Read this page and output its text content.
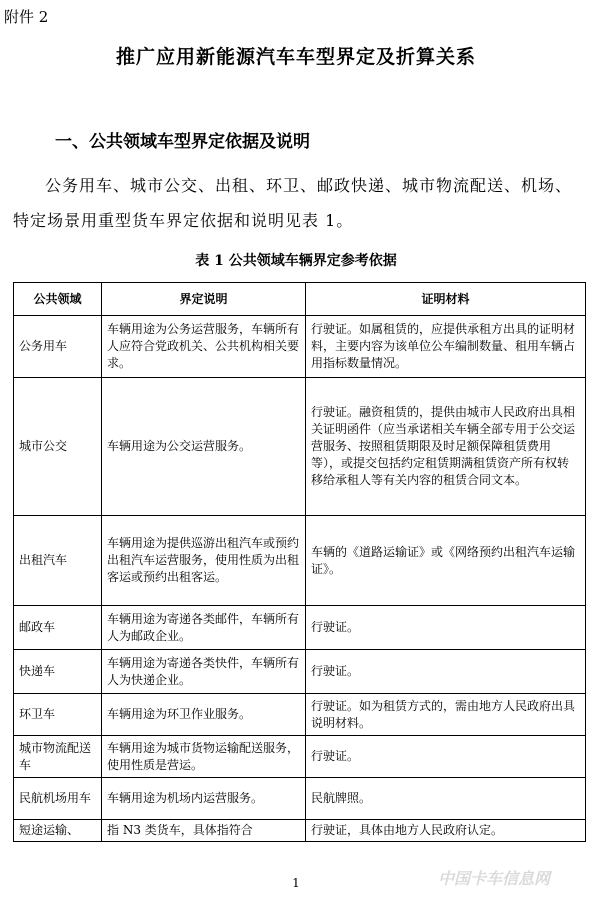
附件 2
推广应用新能源汽车车型界定及折算关系
一、公共领域车型界定依据及说明
公务用车、城市公交、出租、环卫、邮政快递、城市物流配送、机场、特定场景用重型货车界定依据和说明见表 1。
表 1 公共领域车辆界定参考依据
公共领域	界定说明	证明材料
公务用车	车辆用途为公务运营服务，车辆所有人应符合党政机关、公共机构相关要求。	行驶证。如属租赁的，应提供承租方出具的证明材料，主要内容为该单位公车编制数量、租用车辆占用指标数量情况。
城市公交	车辆用途为公交运营服务。	行驶证。融资租赁的，提供由城市人民政府出具相关证明函件（应当承诺相关车辆全部专用于公交运营服务、按照租赁期限及时足额保障租赁费用等），或提交包括约定租赁期满租赁资产所有权转移给承租人等有关内容的租赁合同文本。
出租汽车	车辆用途为提供巡游出租汽车或预约出租汽车运营服务，使用性质为出租客运或预约出租客运。	车辆的《道路运输证》或《网络预约出租汽车运输证》。
邮政车	车辆用途为寄递各类邮件，车辆所有人为邮政企业。	行驶证。
快递车	车辆用途为寄递各类快件，车辆所有人为快递企业。	行驶证。
环卫车	车辆用途为环卫作业服务。	行驶证。如为租赁方式的，需由地方人民政府出具说明材料。
城市物流配送车	车辆用途为城市货物运输配送服务，使用性质是营运。	行驶证。
民航机场用车	车辆用途为机场内运营服务。	民航牌照。
短途运输、	指 N3 类货车，具体指符合	行驶证，具体由地方人民政府认定。
1	中国卡车信息网
